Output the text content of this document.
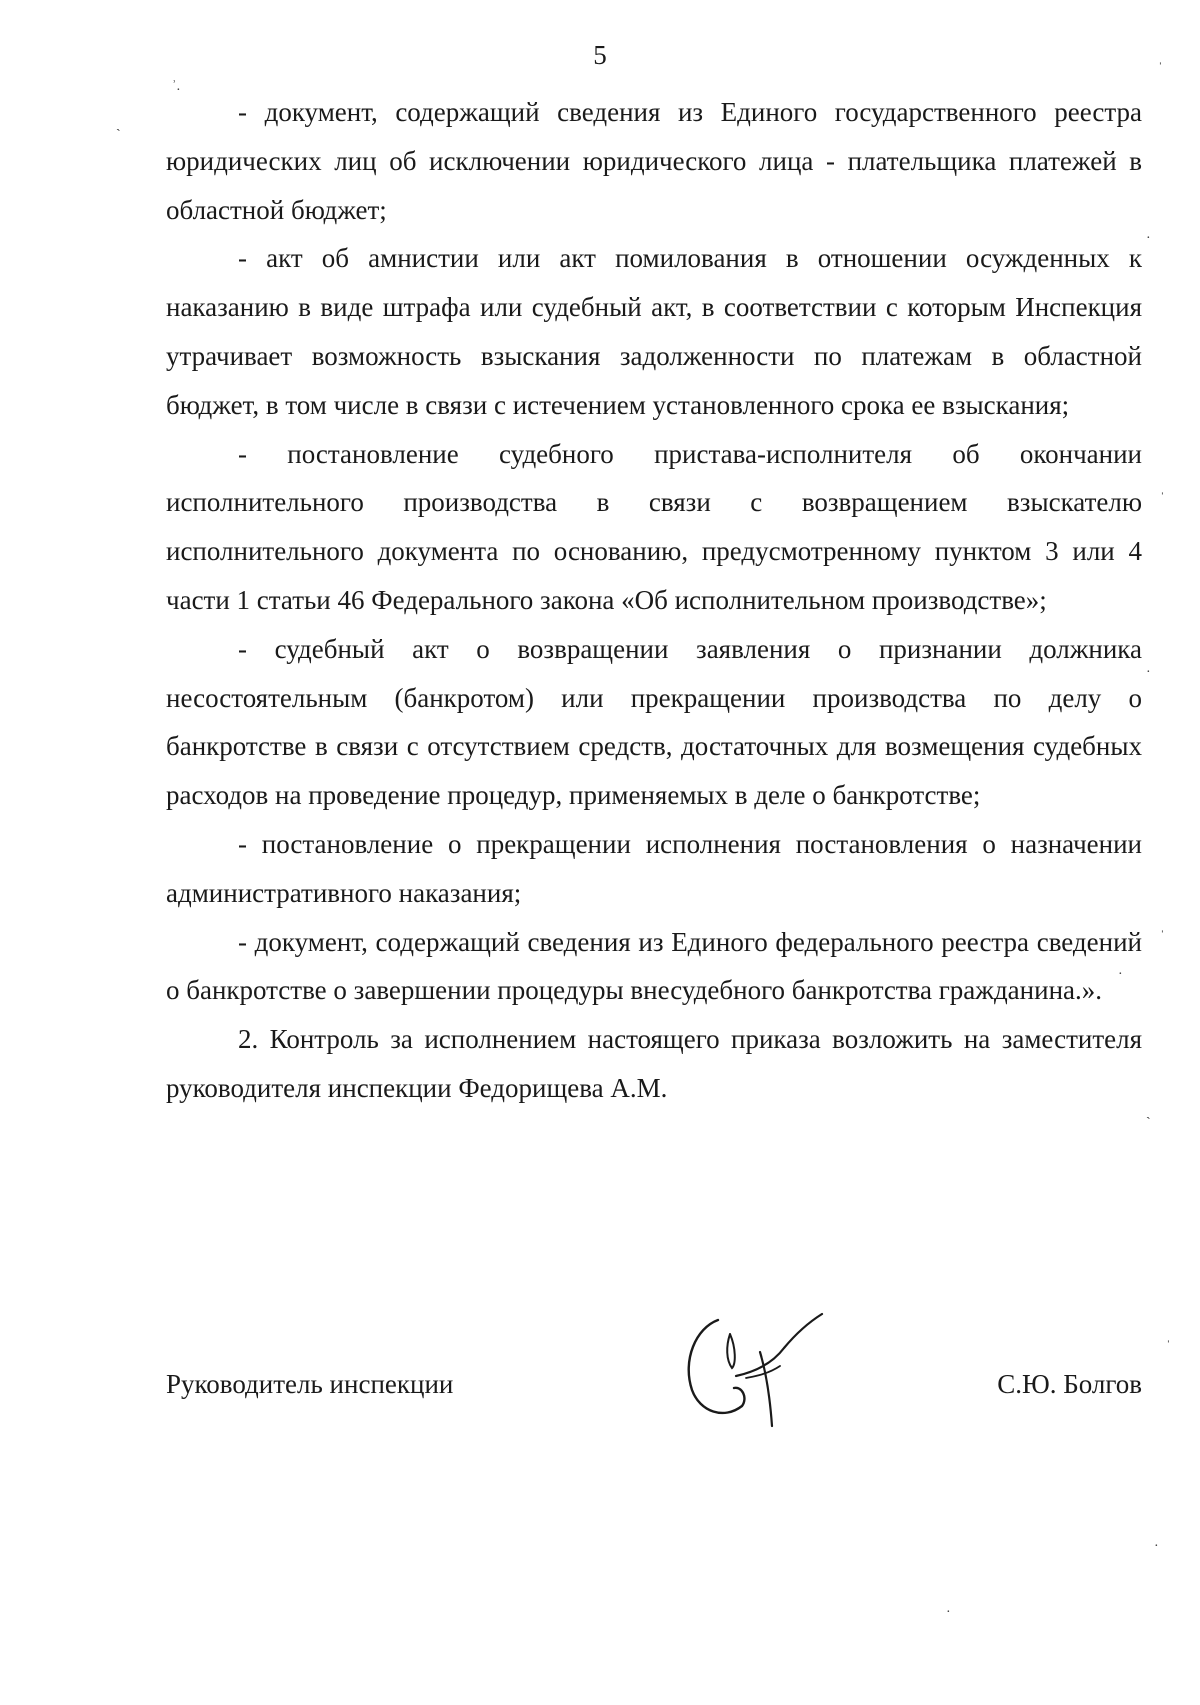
5

- документ, содержащий сведения из Единого государственного реестра юридических лиц об исключении юридического лица - плательщика платежей в областной бюджет;

- акт об амнистии или акт помилования в отношении осужденных к наказанию в виде штрафа или судебный акт, в соответствии с которым Инспекция утрачивает возможность взыскания задолженности по платежам в областной бюджет, в том числе в связи с истечением установленного срока ее взыскания;

- постановление судебного пристава-исполнителя об окончании исполнительного производства в связи с возвращением взыскателю исполнительного документа по основанию, предусмотренному пунктом 3 или 4 части 1 статьи 46 Федерального закона «Об исполнительном производстве»;

- судебный акт о возвращении заявления о признании должника несостоятельным (банкротом) или прекращении производства по делу о банкротстве в связи с отсутствием средств, достаточных для возмещения судебных расходов на проведение процедур, применяемых в деле о банкротстве;

- постановление о прекращении исполнения постановления о назначении административного наказания;

- документ, содержащий сведения из Единого федерального реестра сведений о банкротстве о завершении процедуры внесудебного банкротства гражданина.».

2. Контроль за исполнением настоящего приказа возложить на заместителя руководителя инспекции Федорищева А.М.

Руководитель инспекции	С.Ю. Болгов
ʾ.
ˏ
ˈ
·
ˈ
·
ˈ
·
ˏ
ˈ
·
·
